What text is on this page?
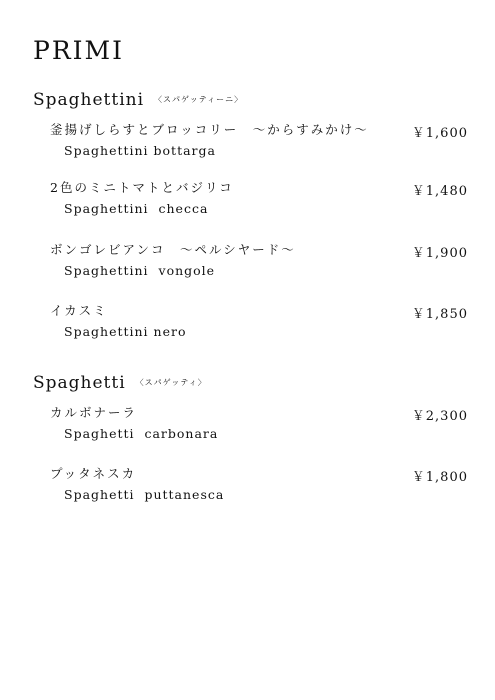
PRIMI
Spaghettini 〈スパゲッティーニ〉
釜揚げしらすとブロッコリー　〜からすみかけ〜
Spaghettini bottarga
￥1,600
2色のミニトマトとバジリコ
Spaghettini  checca
￥1,480
ボンゴレビアンコ　〜ペルシヤード〜
Spaghettini  vongole
￥1,900
イカスミ
Spaghettini nero
￥1,850
Spaghetti 〈スパゲッティ〉
カルボナーラ
Spaghetti  carbonara
￥2,300
プッタネスカ
Spaghetti  puttanesca
￥1,800
